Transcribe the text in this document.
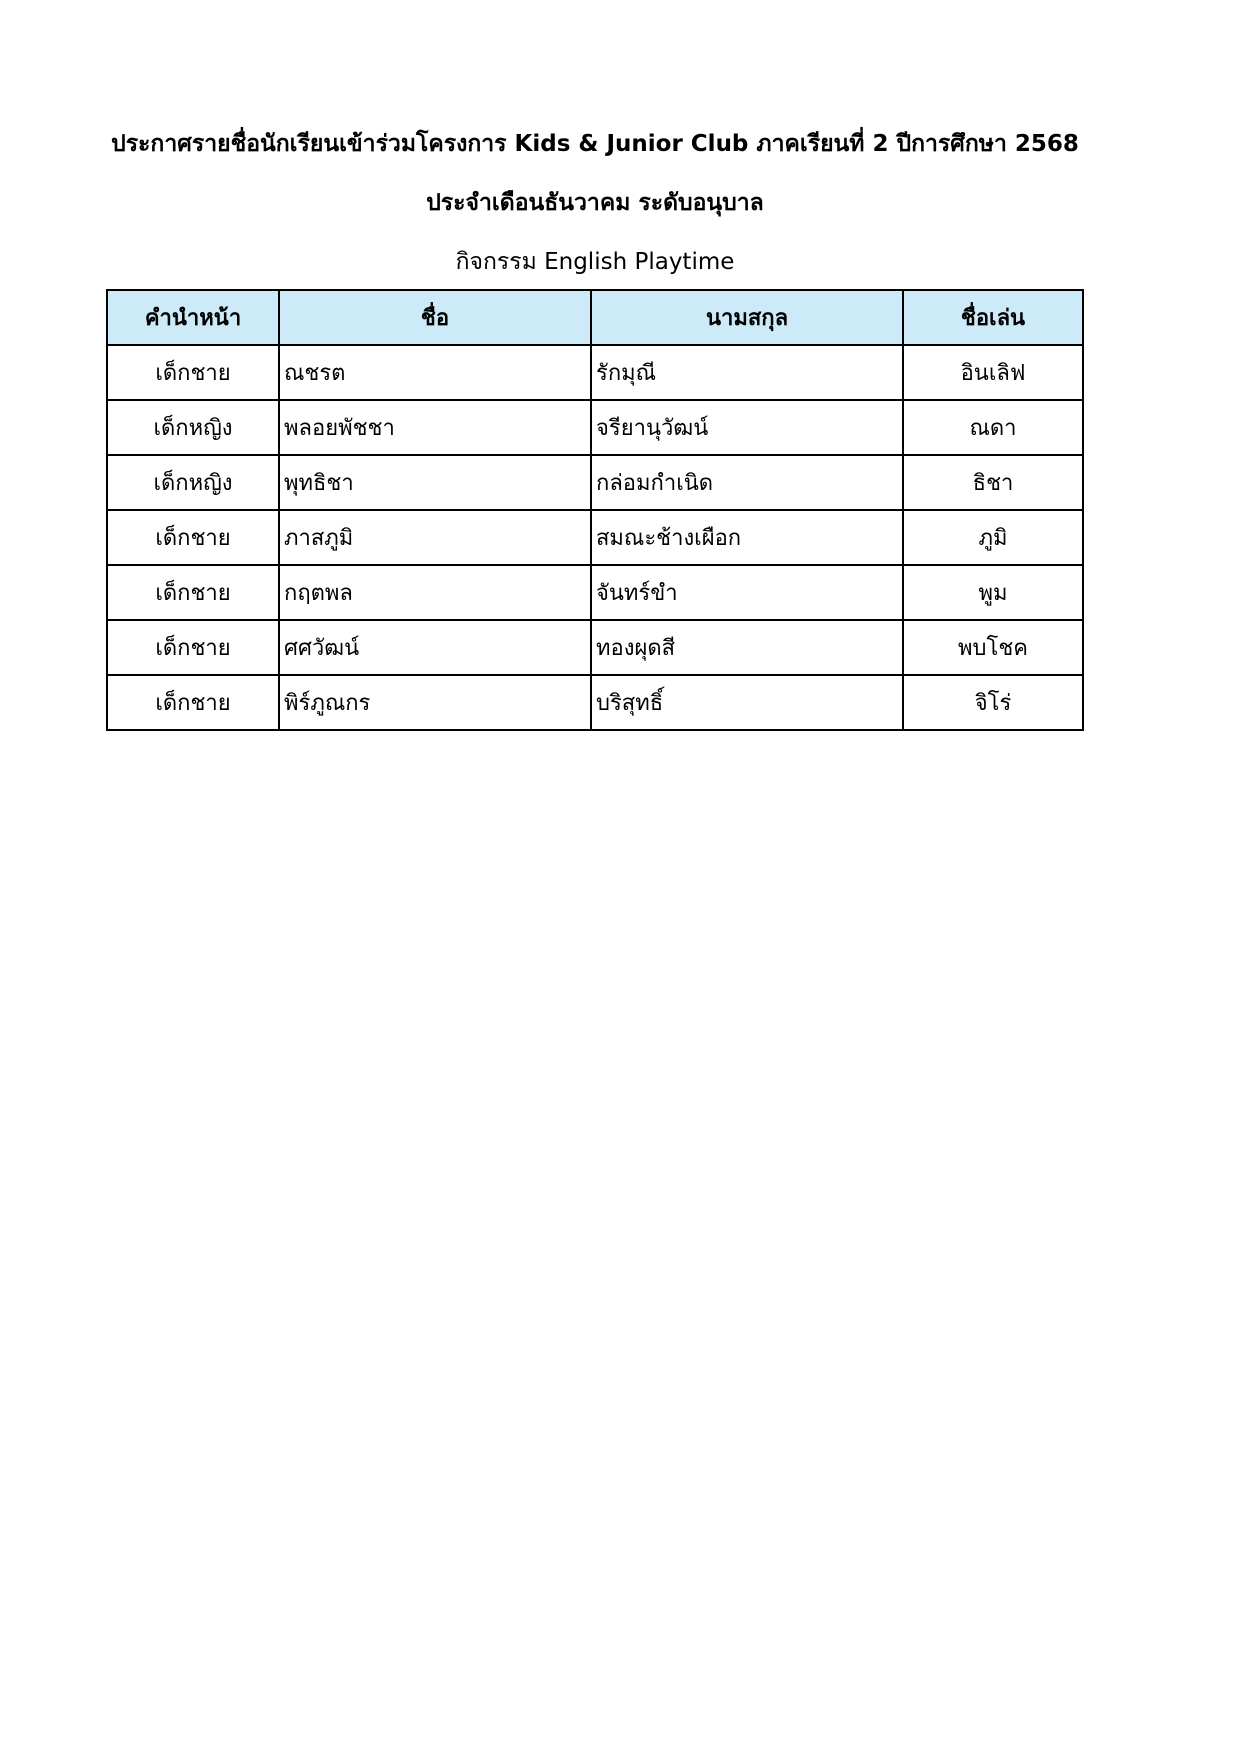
ประกาศรายชื่อนักเรียนเข้าร่วมโครงการ Kids & Junior Club ภาคเรียนที่ 2 ปีการศึกษา 2568
ประจำเดือนธันวาคม ระดับอนุบาล
กิจกรรม English Playtime
คำนำหน้า	ชื่อ	นามสกุล	ชื่อเล่น
เด็กชาย	ณชรต	รักมุณี	อินเลิฟ
เด็กหญิง	พลอยพัชชา	จรียานุวัฒน์	ณดา
เด็กหญิง	พุทธิชา	กล่อมกำเนิด	ธิชา
เด็กชาย	ภาสภูมิ	สมณะช้างเผือก	ภูมิ
เด็กชาย	กฤตพล	จันทร์ขำ	พูม
เด็กชาย	ศศวัฒน์	ทองผุดสี	พบโชค
เด็กชาย	พิร์ภูณกร	บริสุทธิ์	จิโร่
